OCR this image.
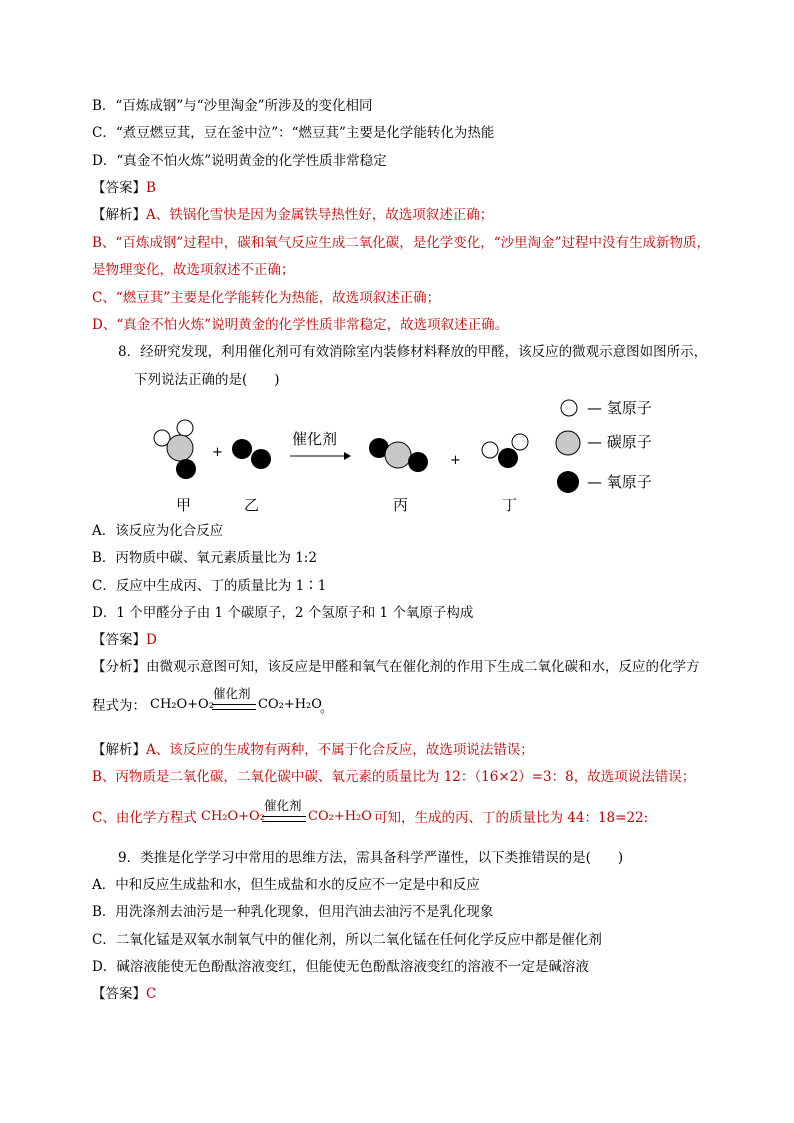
B．“百炼成钢”与“沙里淘金”所涉及的变化相同
C．“煮豆燃豆萁，豆在釜中泣”：“燃豆萁”主要是化学能转化为热能
D．“真金不怕火炼”说明黄金的化学性质非常稳定
【答案】B
【解析】A、铁锅化雪快是因为金属铁导热性好，故选项叙述正确；
B、“百炼成钢”过程中，碳和氧气反应生成二氧化碳，是化学变化，“沙里淘金”过程中没有生成新物质，
是物理变化，故选项叙述不正确；
C、“燃豆萁”主要是化学能转化为热能，故选项叙述正确；
D、“真金不怕火炼”说明黄金的化学性质非常稳定，故选项叙述正确。
8．经研究发现，利用催化剂可有效消除室内装修材料释放的甲醛，该反应的微观示意图如图所示，
下列说法正确的是(　　)
+
催化剂
+
甲	乙	丙	丁
— 氢原子
— 碳原子
— 氧原子
A．该反应为化合反应
B．丙物质中碳、氧元素质量比为 1:2
C．反应中生成丙、丁的质量比为 1∶1
D．1 个甲醛分子由 1 个碳原子，2 个氢原子和 1 个氧原子构成
【答案】D
【分析】由微观示意图可知，该反应是甲醛和氧气在催化剂的作用下生成二氧化碳和水，反应的化学方
程式为： CH₂O+O₂
催化剂
CO₂+H₂O
。
【解析】A、该反应的生成物有两种，不属于化合反应，故选项说法错误；
B、丙物质是二氧化碳，二氧化碳中碳、氧元素的质量比为 12：（16×2）=3：8，故选项说法错误；
C、由化学方程式 CH₂O+O₂
催化剂
CO₂+H₂O 可知，生成的丙、丁的质量比为 44：18=22:
9．类推是化学学习中常用的思维方法，需具备科学严谨性，以下类推错误的是(　　)
A．中和反应生成盐和水，但生成盐和水的反应不一定是中和反应
B．用洗涤剂去油污是一种乳化现象，但用汽油去油污不是乳化现象
C．二氧化锰是双氧水制氧气中的催化剂，所以二氧化锰在任何化学反应中都是催化剂
D．碱溶液能使无色酚酞溶液变红，但能使无色酚酞溶液变红的溶液不一定是碱溶液
【答案】C
